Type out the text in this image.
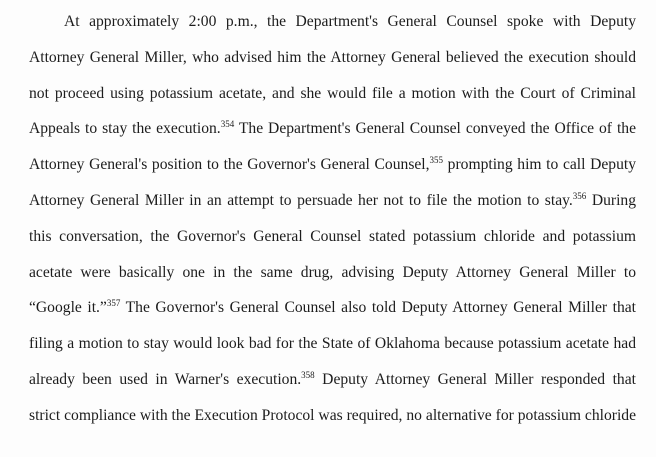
At approximately 2:00 p.m., the Department's General Counsel spoke with Deputy
Attorney General Miller, who advised him the Attorney General believed the execution should
not proceed using potassium acetate, and she would file a motion with the Court of Criminal
Appeals to stay the execution.$^{354}$ The Department's General Counsel conveyed the Office of the
Attorney General's position to the Governor's General Counsel,$^{355}$ prompting him to call Deputy
Attorney General Miller in an attempt to persuade her not to file the motion to stay.$^{356}$ During
this conversation, the Governor's General Counsel stated potassium chloride and potassium
acetate were basically one in the same drug, advising Deputy Attorney General Miller to
“Google it.”$^{357}$ The Governor's General Counsel also told Deputy Attorney General Miller that
filing a motion to stay would look bad for the State of Oklahoma because potassium acetate had
already been used in Warner's execution.$^{358}$ Deputy Attorney General Miller responded that
strict compliance with the Execution Protocol was required, no alternative for potassium chloride
